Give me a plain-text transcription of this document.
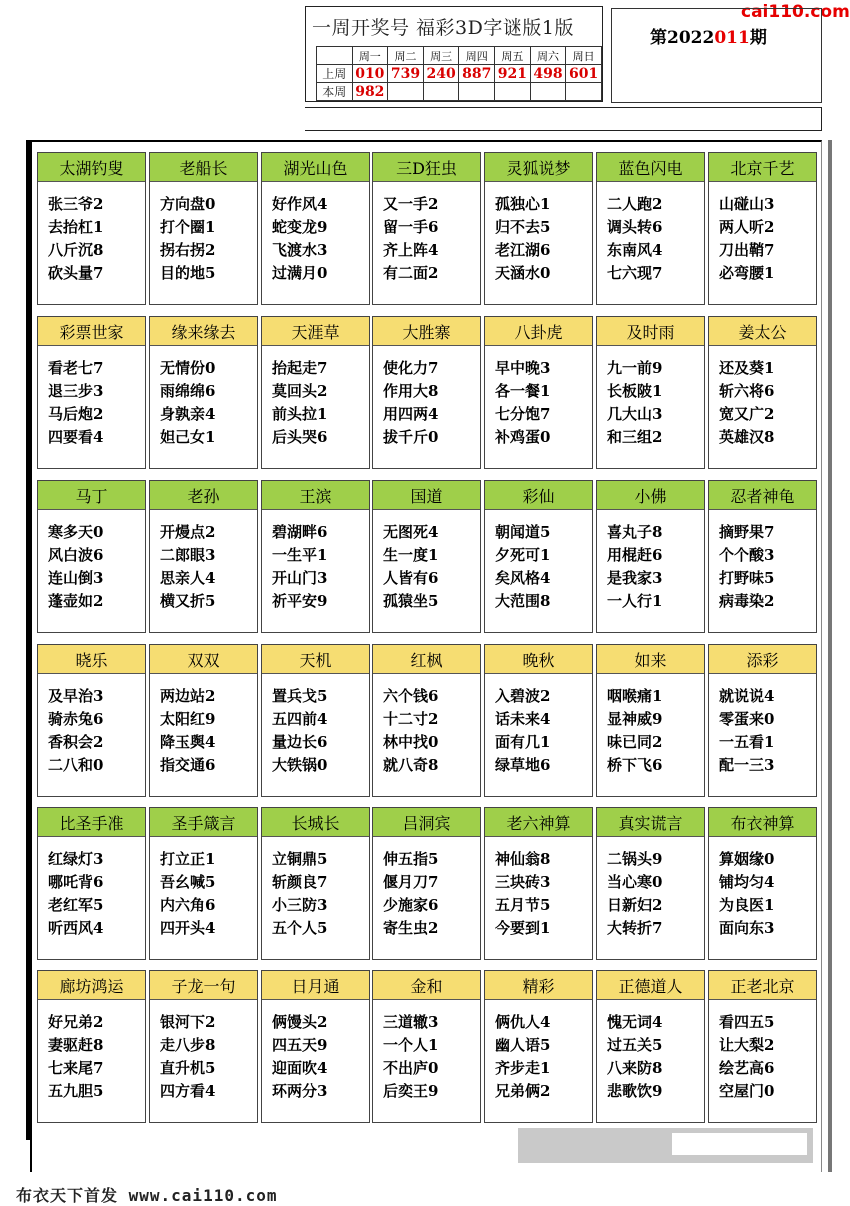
cai110.com
一周开奖号 福彩3D字谜版1版
	周一	周二	周三	周四	周五	周六	周日
上周	010	739	240	887	921	498	601
本周	982						
第2022011期
太湖钓叟
张三爷2
去抬杠1
八斤沉8
砍头量7
老船长
方向盘0
打个圈1
拐右拐2
目的地5
湖光山色
好作风4
蛇变龙9
飞渡水3
过满月0
三D狂虫
又一手2
留一手6
齐上阵4
有二面2
灵狐说梦
孤独心1
归不去5
老江湖6
天涵水0
蓝色闪电
二人跑2
调头转6
东南风4
七六现7
北京千艺
山碰山3
两人听2
刀出鞘7
必弯腰1
彩票世家
看老七7
退三步3
马后炮2
四要看4
缘来缘去
无情份0
雨绵绵6
身孰亲4
妲己女1
天涯草
抬起走7
莫回头2
前头拉1
后头哭6
大胜寨
使化力7
作用大8
用四两4
拔千斤0
八卦虎
早中晚3
各一餐1
七分饱7
补鸡蛋0
及时雨
九一前9
长板陂1
几大山3
和三组2
姜太公
还及葵1
斩六将6
宽又广2
英雄汉8
马丁
寒多天0
风白波6
连山倒3
蓬壶如2
老孙
开熳点2
二郎眼3
思亲人4
横又折5
王滨
碧湖畔6
一生平1
开山门3
祈平安9
国道
无图死4
生一度1
人皆有6
孤猿坐5
彩仙
朝闻道5
夕死可1
矣风格4
大范围8
小佛
喜丸子8
用棍赶6
是我家3
一人行1
忍者神龟
摘野果7
个个酸3
打野味5
病毒染2
晓乐
及早治3
骑赤兔6
香积会2
二八和0
双双
两边站2
太阳红9
降玉舆4
指交通6
天机
置兵戈5
五四前4
量边长6
大铁锅0
红枫
六个钱6
十二寸2
林中找0
就八奇8
晚秋
入碧波2
话未来4
面有几1
绿草地6
如来
咽喉痛1
显神威9
味已同2
桥下飞6
添彩
就说说4
零蛋来0
一五看1
配一三3
比圣手准
红绿灯3
哪吒背6
老红军5
听西风4
圣手箴言
打立正1
吾幺喊5
内六角6
四开头4
长城长
立铜鼎5
斩颜良7
小三防3
五个人5
吕洞宾
伸五指5
偃月刀7
少施家6
寄生虫2
老六神算
神仙翁8
三块砖3
五月节5
今要到1
真实谎言
二锅头9
当心寒0
日新妇2
大转折7
布衣神算
算姻缘0
铺均匀4
为良医1
面向东3
廊坊鸿运
好兄弟2
妻驱赶8
七来尾7
五九胆5
子龙一句
银河下2
走八步8
直升机5
四方看4
日月通
俩馒头2
四五天9
迎面吹4
环两分3
金和
三道辙3
一个人1
不出庐0
后奕王9
精彩
俩仇人4
幽人语5
齐步走1
兄弟俩2
正德道人
愧无词4
过五关5
八来防8
悲歌饮9
正老北京
看四五5
让大梨2
绘艺高6
空屋门0
布衣天下首发 www.cai110.com
